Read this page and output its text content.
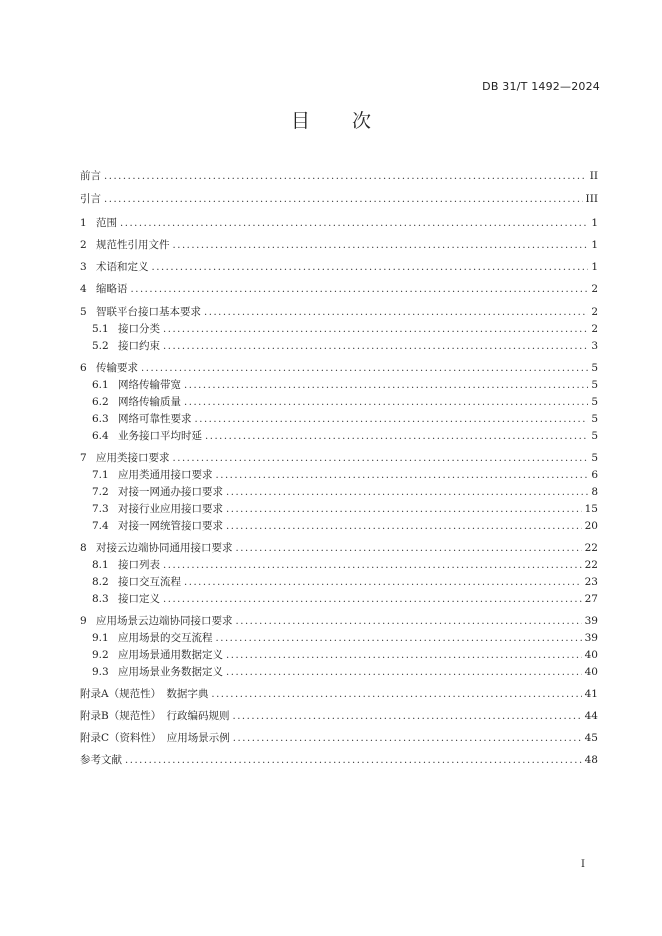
DB 31/T 1492—2024
目 次
前言 .....	II
引言 .....	III
1 范围 .....	1
2 规范性引用文件 .....	1
3 术语和定义 .....	1
4 缩略语 .....	2
5 智联平台接口基本要求 .....	2
5.1 接口分类 .....	2
5.2 接口约束 .....	3
6 传输要求 .....	5
6.1 网络传输带宽 .....	5
6.2 网络传输质量 .....	5
6.3 网络可靠性要求 .....	5
6.4 业务接口平均时延 .....	5
7 应用类接口要求 .....	5
7.1 应用类通用接口要求 .....	6
7.2 对接一网通办接口要求 .....	8
7.3 对接行业应用接口要求 .....	15
7.4 对接一网统管接口要求 .....	20
8 对接云边端协同通用接口要求 .....	22
8.1 接口列表 .....	22
8.2 接口交互流程 .....	23
8.3 接口定义 .....	27
9 应用场景云边端协同接口要求 .....	39
9.1 应用场景的交互流程 .....	39
9.2 应用场景通用数据定义 .....	40
9.3 应用场景业务数据定义 .....	40
附录A（规范性）　数据字典 .....	41
附录B（规范性）　行政编码规则 .....	44
附录C（资料性）　应用场景示例 .....	45
参考文献 .....	48
I
